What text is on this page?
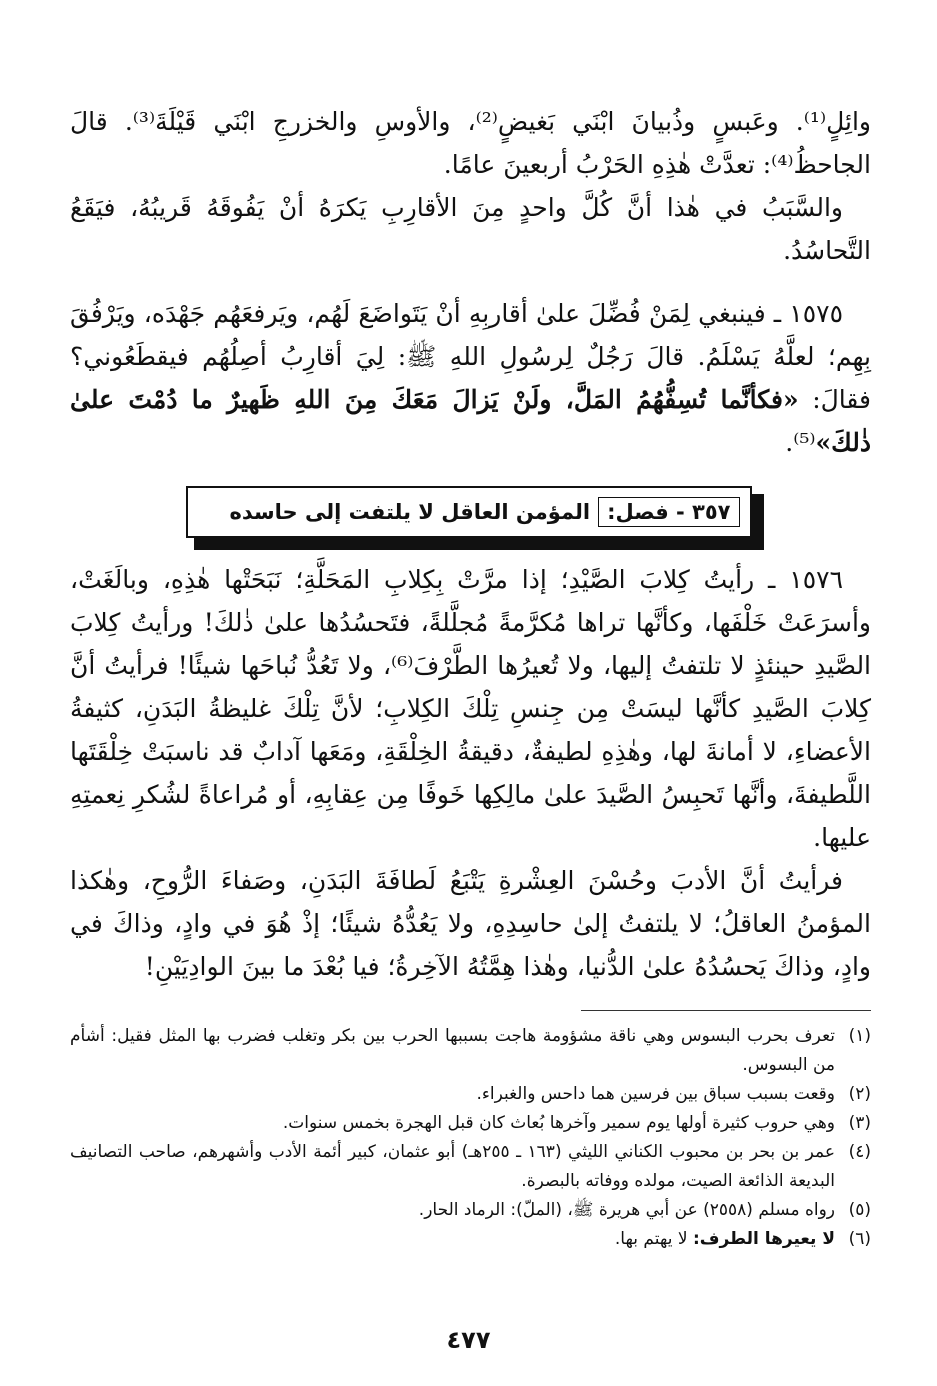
وائِلٍ⁽¹⁾. وعَبسٍ وذُبيانَ ابْنَي بَغيضٍ⁽²⁾، والأوسِ والخزرجِ ابْنَي قَيْلَةَ⁽³⁾. قالَ الجاحظُ⁽⁴⁾: تعدَّتْ هٰذِهِ الحَرْبُ أربعينَ عامًا.

والسَّبَبُ في هٰذا أنَّ كُلَّ واحدٍ مِنَ الأقارِبِ يَكرَهُ أنْ يَفُوقَهُ قَريبُهُ، فيَقَعُ التَّحاسُدُ.

١٥٧٥ ـ فينبغي لِمَنْ فُضِّلَ علىٰ أقاربِهِ أنْ يَتَواضَعَ لَهُم، ويَرفعَهُم جَهْدَه، ويَرْفُقَ بِهِم؛ لعلَّهُ يَسْلَمُ. قالَ رَجُلٌ لِرسُولِ اللهِ ﷺ: لِيَ أقارِبُ أصِلُهُم فيقطَعُوني؟ فقالَ: «فكأنَّما تُسِفُّهُمُ المَلَّ، ولَنْ يَزالَ مَعَكَ مِنَ اللهِ ظَهيرٌ ما دُمْتَ علىٰ ذٰلكَ»⁽⁵⁾.

٣٥٧ - فصل:
المؤمن العاقل لا يلتفت إلى حاسده

١٥٧٦ ـ رأيتُ كِلابَ الصَّيْدِ؛ إذا مرَّتْ بِكِلابِ المَحَلَّةِ؛ نَبَحَتْها هٰذِهِ، وبالَغَتْ، وأسرَعَتْ خَلْفَها، وكأنَّها تراها مُكرَّمةً مُجلَّلةً، فتَحسُدُها علىٰ ذٰلكَ! ورأيتُ كِلابَ الصَّيدِ حينئذٍ لا تلتفتُ إليها، ولا تُعيرُها الطَّرْفَ⁽⁶⁾، ولا تَعُدُّ نُباحَها شيئًا! فرأيتُ أنَّ كِلابَ الصَّيدِ كأنَّها ليسَتْ مِن جِنسِ تِلْكَ الكِلابِ؛ لأنَّ تِلْكَ غليظةُ البَدَنِ، كثيفةُ الأعضاءِ، لا أمانةَ لها، وهٰذِهِ لطيفةٌ، دقيقةُ الخِلْقَةِ، ومَعَها آدابٌ قد ناسبَتْ خِلْقَتَها اللَّطيفةَ، وأنَّها تَحبِسُ الصَّيدَ علىٰ مالِكِها خَوفًا مِن عِقابِهِ، أو مُراعاةً لشُكرِ نِعمتِهِ عليها.

فرأيتُ أنَّ الأدبَ وحُسْنَ العِشْرةِ يَتْبَعُ لَطافَةَ البَدَنِ، وصَفاءَ الرُّوحِ، وهٰكذا المؤمنُ العاقلُ؛ لا يلتفتُ إلىٰ حاسِدِهِ، ولا يَعُدُّهُ شيئًا؛ إذْ هُوَ في وادٍ، وذاكَ في وادٍ، وذاكَ يَحسُدُهُ علىٰ الدُّنيا، وهٰذا هِمَّتُهُ الآخِرةُ؛ فيا بُعْدَ ما بينَ الوادِيَيْنِ!

(١)
تعرف بحرب البسوس وهي ناقة مشؤومة هاجت بسببها الحرب بين بكر وتغلب فضرب بها المثل فقيل: أشأم من البسوس.
(٢)
وقعت بسبب سباق بين فرسين هما داحس والغبراء.
(٣)
وهي حروب كثيرة أولها يوم سمير وآخرها بُعاث كان قبل الهجرة بخمس سنوات.
(٤)
عمر بن بحر بن محبوب الكناني الليثي (١٦٣ ـ ٢٥٥هـ) أبو عثمان، كبير أئمة الأدب وأشهرهم، صاحب التصانيف البديعة الذائعة الصيت، مولده ووفاته بالبصرة.
(٥)
رواه مسلم (٢٥٥٨) عن أبي هريرة ﷺ، (الملّ): الرماد الحار.
(٦)
لا يعيرها الطرف: لا يهتم بها.
٤٧٧
